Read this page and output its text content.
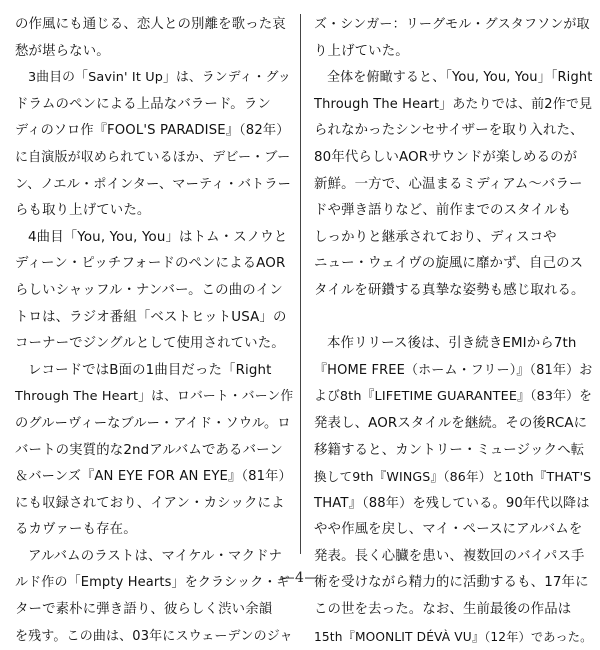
の作風にも通じる、恋人との別離を歌った哀
愁が堪らない。
3曲目の「Savin' It Up」は、ランディ・グッ
ドラムのペンによる上品なバラード。ラン
ディのソロ作『FOOL'S PARADISE』（82年）
に自演版が収められているほか、デビー・ブー
ン、ノエル・ポインター、マーティ・バトラー
らも取り上げていた。
4曲目「You, You, You」はトム・スノウと
ディーン・ピッチフォードのペンによるAOR
らしいシャッフル・ナンバー。この曲のイン
トロは、ラジオ番組「ベストヒットUSA」の
コーナーでジングルとして使用されていた。
レコードではB面の1曲目だった「Right
Through The Heart」は、ロバート・バーン作
のグルーヴィーなブルー・アイド・ソウル。ロ
バートの実質的な2ndアルバムであるバーン
＆バーンズ『AN EYE FOR AN EYE』（81年）
にも収録されており、イアン・カシックによ
るカヴァーも存在。
アルバムのラストは、マイケル・マクドナ
ルド作の「Empty Hearts」をクラシック・ギ
ターで素朴に弾き語り、彼らしく渋い余韻
を残す。この曲は、03年にスウェーデンのジャ
ズ・シンガー：リーグモル・グスタフソンが取
り上げていた。
全体を俯瞰すると、「You, You, You」「Right
Through The Heart」あたりでは、前2作で見
られなかったシンセサイザーを取り入れた、
80年代らしいAORサウンドが楽しめるのが
新鮮。一方で、心温まるミディアム～バラー
ドや弾き語りなど、前作までのスタイルも
しっかりと継承されており、ディスコや
ニュー・ウェイヴの旋風に靡かず、自己のス
タイルを研鑽する真摯な姿勢も感じ取れる。
本作リリース後は、引き続きEMIから7th
『HOME FREE（ホーム・フリー）』（81年）お
よび8th『LIFETIME GUARANTEE』（83年）を
発表し、AORスタイルを継続。その後RCAに
移籍すると、カントリー・ミュージックへ転
換して9th『WINGS』（86年）と10th『THAT'S
THAT』（88年）を残している。90年代以降は
やや作風を戻し、マイ・ペースにアルバムを
発表。長く心臓を患い、複数回のバイパス手
術を受けながら精力的に活動するも、17年に
この世を去った。なお、生前最後の作品は
15th『MOONLIT DÉVÀ VU』（12年）であった。
―4―
